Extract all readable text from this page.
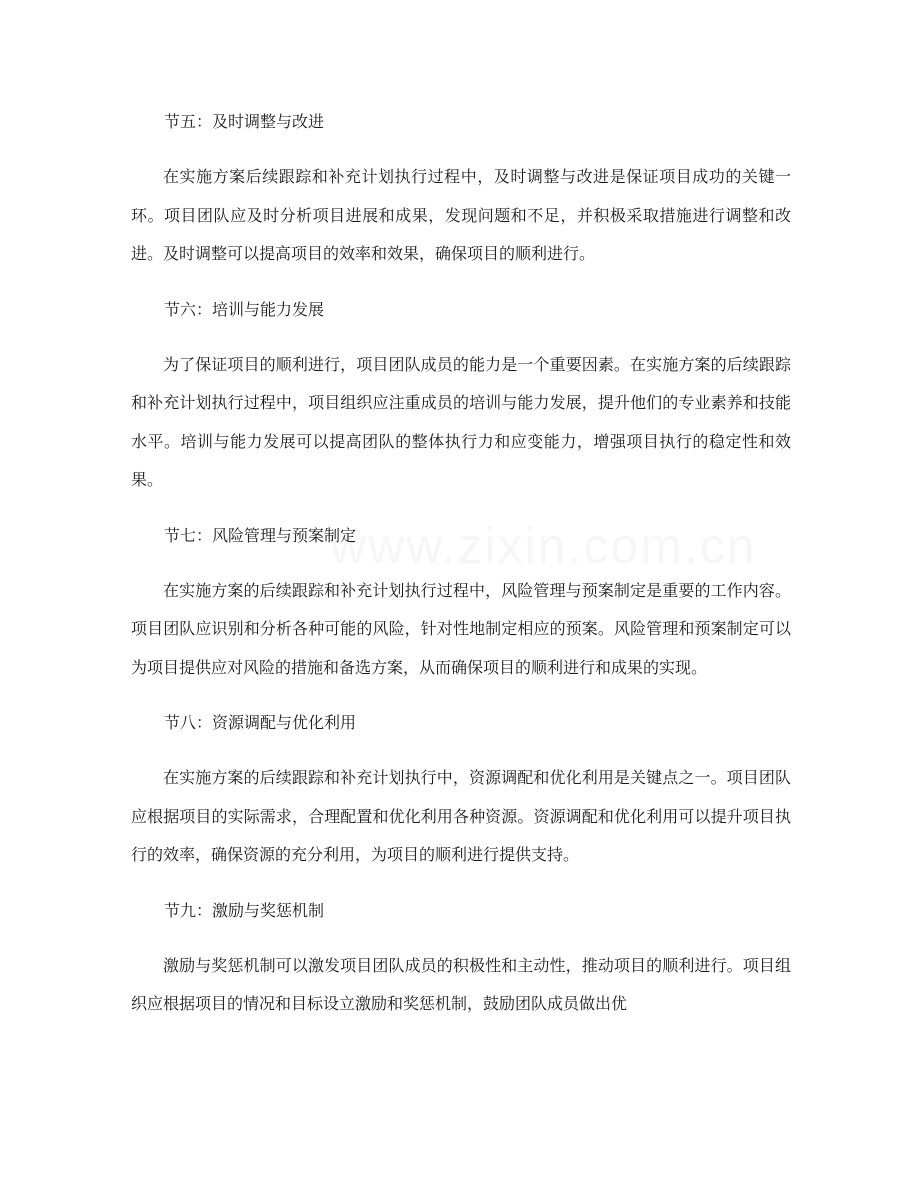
节五：及时调整与改进
在实施方案后续跟踪和补充计划执行过程中，及时调整与改进是保证项目成功的关键一环。项目团队应及时分析项目进展和成果，发现问题和不足，并积极采取措施进行调整和改进。及时调整可以提高项目的效率和效果，确保项目的顺利进行。
节六：培训与能力发展
为了保证项目的顺利进行，项目团队成员的能力是一个重要因素。在实施方案的后续跟踪和补充计划执行过程中，项目组织应注重成员的培训与能力发展，提升他们的专业素养和技能水平。培训与能力发展可以提高团队的整体执行力和应变能力，增强项目执行的稳定性和效果。
节七：风险管理与预案制定
在实施方案的后续跟踪和补充计划执行过程中，风险管理与预案制定是重要的工作内容。项目团队应识别和分析各种可能的风险，针对性地制定相应的预案。风险管理和预案制定可以为项目提供应对风险的措施和备选方案，从而确保项目的顺利进行和成果的实现。
节八：资源调配与优化利用
在实施方案的后续跟踪和补充计划执行中，资源调配和优化利用是关键点之一。项目团队应根据项目的实际需求，合理配置和优化利用各种资源。资源调配和优化利用可以提升项目执行的效率，确保资源的充分利用，为项目的顺利进行提供支持。
节九：激励与奖惩机制
激励与奖惩机制可以激发项目团队成员的积极性和主动性，推动项目的顺利进行。项目组织应根据项目的情况和目标设立激励和奖惩机制，鼓励团队成员做出优
